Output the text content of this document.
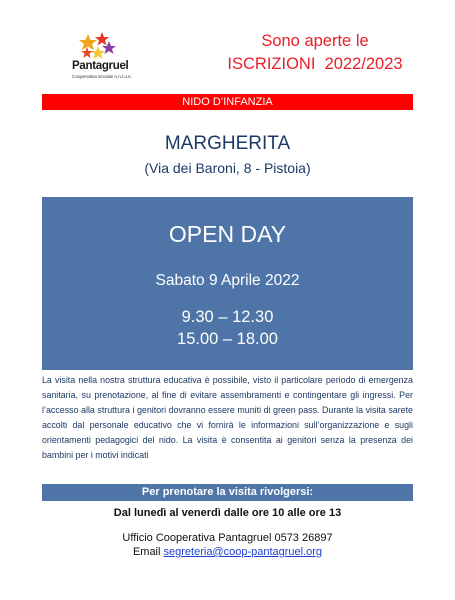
Pantagruel
Cooperativa Sociale o.n.l.u.s.
Sono aperte le
ISCRIZIONI  2022/2023
NIDO D’INFANZIA
MARGHERITA
(Via dei Baroni, 8 - Pistoia)
OPEN DAY
Sabato 9 Aprile 2022
9.30 – 12.30
15.00 – 18.00
La visita nella nostra struttura educativa è possibile, visto il particolare periodo di emergenza sanitaria, su prenotazione, al fine di evitare assembramenti e contingentare gli ingressi. Per l’accesso alla struttura i genitori dovranno essere muniti di green pass. Durante la visita sarete accolti dal personale educativo che vi fornirà le informazioni sull’organizzazione e sugli orientamenti pedagogici del nido. La visita è consentita ai genitori senza la presenza dei bambini per i motivi indicati
Per prenotare la visita rivolgersi:
Dal lunedì al venerdì dalle ore 10 alle ore 13
Ufficio Cooperativa Pantagruel 0573 26897
Email segreteria@coop-pantagruel.org
